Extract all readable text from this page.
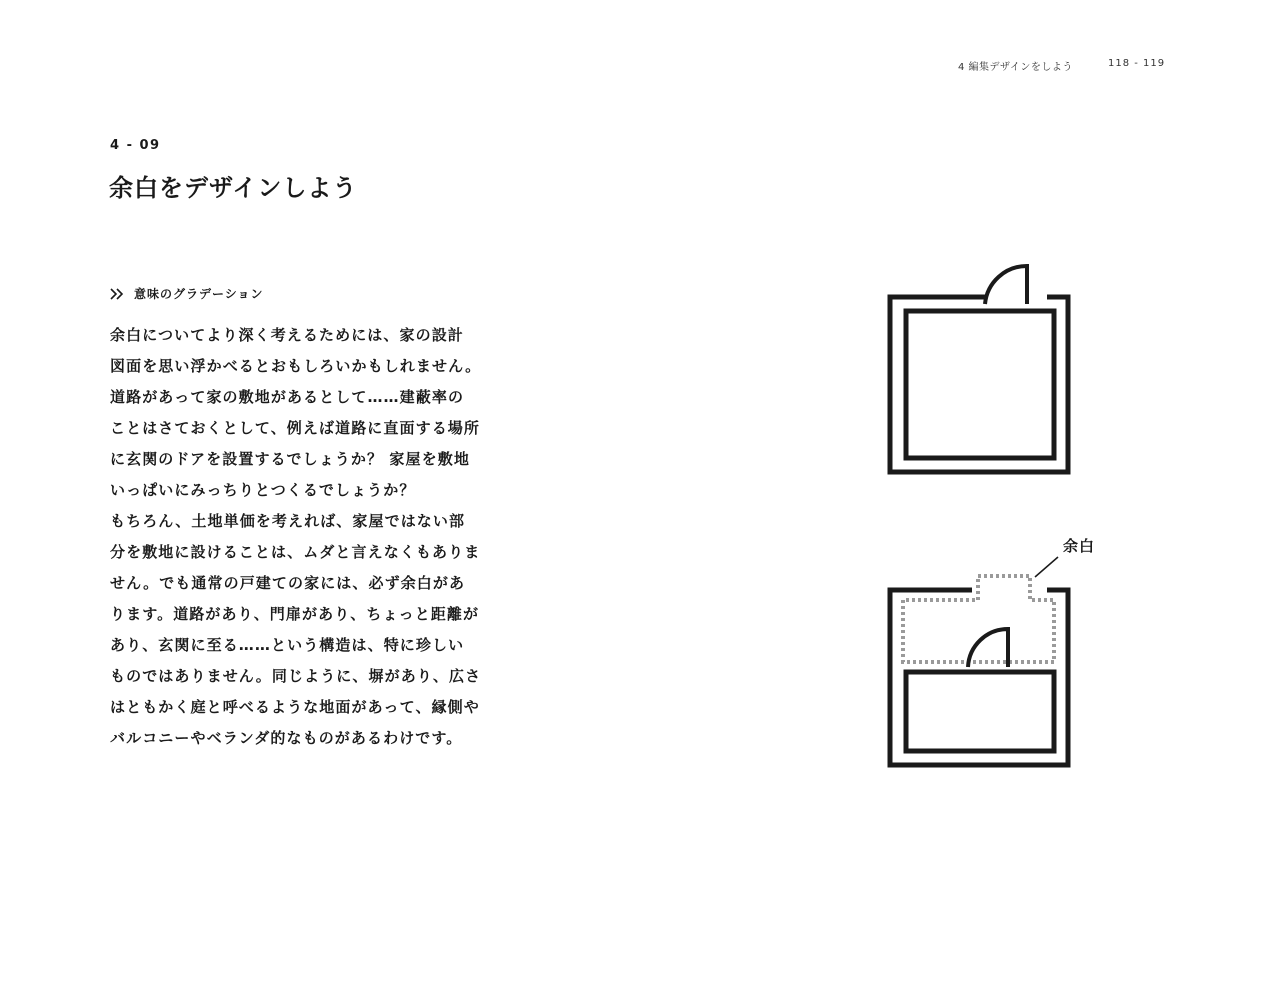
4 編集デザインをしよう	118 - 119
4 - 09
余白をデザインしよう
意味のグラデーション
余白についてより深く考えるためには、家の設計
図面を思い浮かべるとおもしろいかもしれません。
道路があって家の敷地があるとして……建蔽率の
ことはさておくとして、例えば道路に直面する場所
に玄関のドアを設置するでしょうか？ 家屋を敷地
いっぱいにみっちりとつくるでしょうか？
もちろん、土地単価を考えれば、家屋ではない部
分を敷地に設けることは、ムダと言えなくもありま
せん。でも通常の戸建ての家には、必ず余白があ
ります。道路があり、門扉があり、ちょっと距離が
あり、玄関に至る……という構造は、特に珍しい
ものではありません。同じように、塀があり、広さ
はともかく庭と呼べるような地面があって、縁側や
バルコニーやベランダ的なものがあるわけです。
余白
